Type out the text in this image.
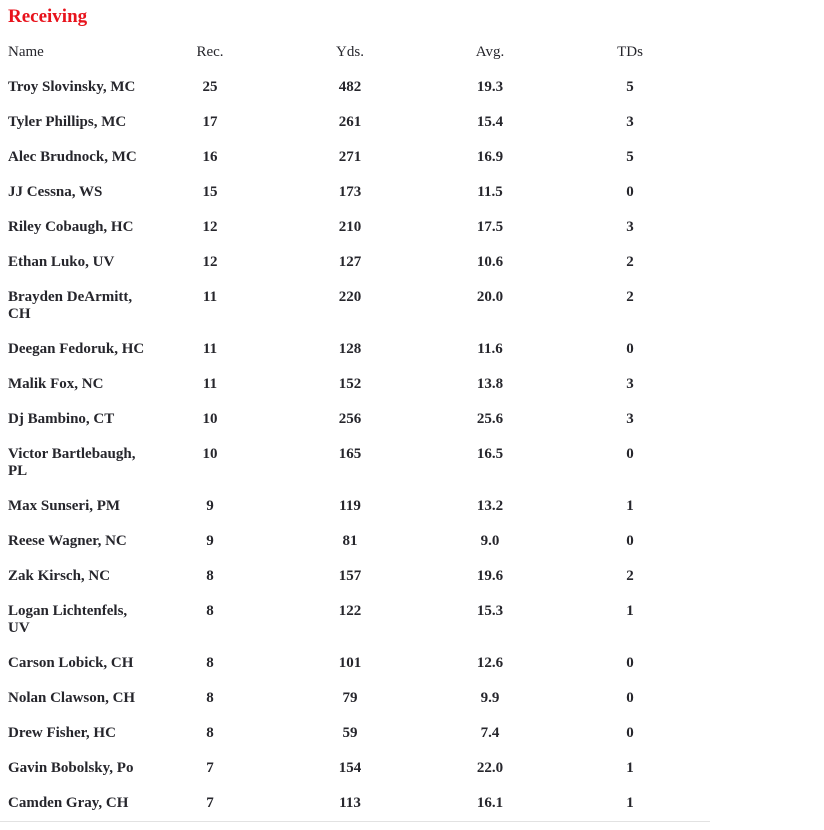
Receiving
Name	Rec.	Yds.	Avg.	TDs
Troy Slovinsky, MC	25	482	19.3	5
Tyler Phillips, MC	17	261	15.4	3
Alec Brudnock, MC	16	271	16.9	5
JJ Cessna, WS	15	173	11.5	0
Riley Cobaugh, HC	12	210	17.5	3
Ethan Luko, UV	12	127	10.6	2
Brayden DeArmitt, CH	11	220	20.0	2
Deegan Fedoruk, HC	11	128	11.6	0
Malik Fox, NC	11	152	13.8	3
Dj Bambino, CT	10	256	25.6	3
Victor Bartlebaugh, PL	10	165	16.5	0
Max Sunseri, PM	9	119	13.2	1
Reese Wagner, NC	9	81	9.0	0
Zak Kirsch, NC	8	157	19.6	2
Logan Lichtenfels, UV	8	122	15.3	1
Carson Lobick, CH	8	101	12.6	0
Nolan Clawson, CH	8	79	9.9	0
Drew Fisher, HC	8	59	7.4	0
Gavin Bobolsky, Po	7	154	22.0	1
Camden Gray, CH	7	113	16.1	1
